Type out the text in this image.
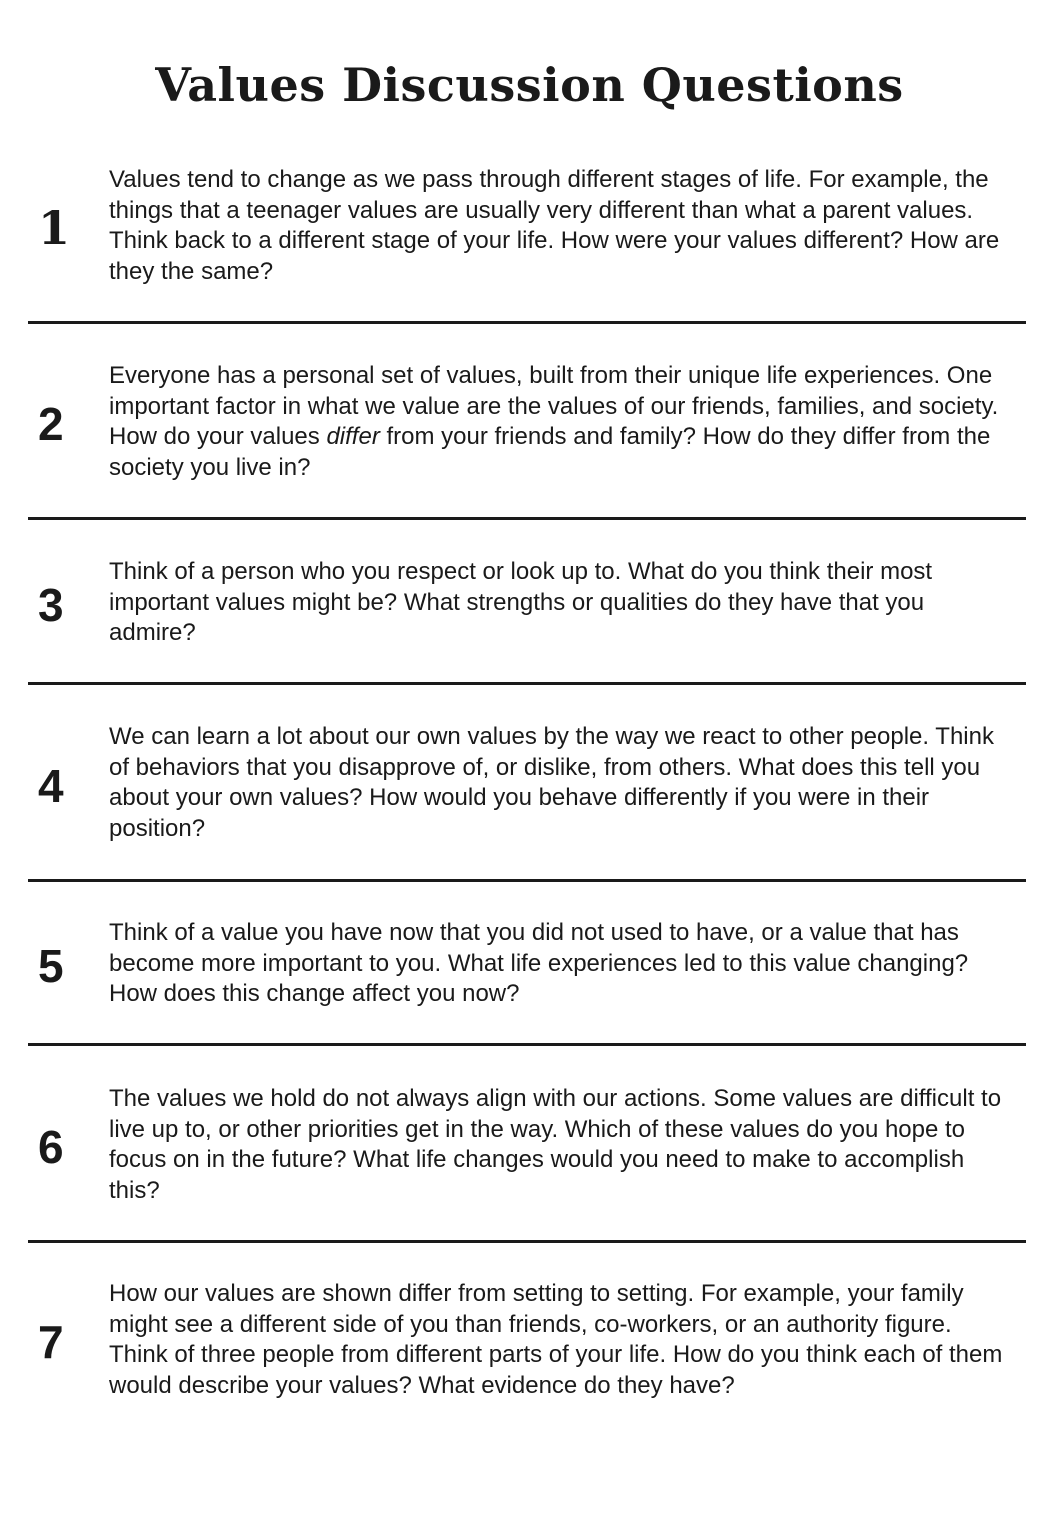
Values Discussion Questions
1

Values tend to change as we pass through different stages of life. For example, the things that a teenager values are usually very different than what a parent values. Think back to a different stage of your life. How were your values different? How are they the same?

2

Everyone has a personal set of values, built from their unique life experiences. One important factor in what we value are the values of our friends, families, and society. How do your values differ from your friends and family? How do they differ from the society you live in?

3

Think of a person who you respect or look up to. What do you think their most important values might be? What strengths or qualities do they have that you admire?

4

We can learn a lot about our own values by the way we react to other people. Think of behaviors that you disapprove of, or dislike, from others. What does this tell you about your own values? How would you behave differently if you were in their position?

5

Think of a value you have now that you did not used to have, or a value that has become more important to you. What life experiences led to this value changing? How does this change affect you now?

6

The values we hold do not always align with our actions. Some values are difficult to live up to, or other priorities get in the way. Which of these values do you hope to focus on in the future? What life changes would you need to make to accomplish this?

7

How our values are shown differ from setting to setting. For example, your family might see a different side of you than friends, co-workers, or an authority figure. Think of three people from different parts of your life. How do you think each of them would describe your values? What evidence do they have?
